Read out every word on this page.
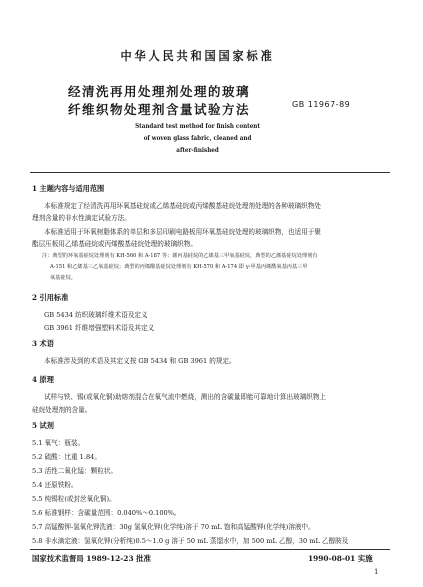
中华人民共和国国家标准
经清洗再用处理剂处理的玻璃
纤维织物处理剂含量试验方法	GB 11967-89
Standard test method for finish content
of woven glass fabric, cleaned and
after-finished
1 主题内容与适用范围
本标准规定了经清洗再用环氧基硅烷或乙烯基硅烷或丙烯酸基硅烷处理剂处理的各种玻璃织物处
理剂含量的非水性滴定试验方法。
本标准适用于环氧树脂体系的单层和多层印刷电路板用环氧基硅烷处理的玻璃织物，也适用于聚
酯层压板用乙烯基硅烷或丙烯酸基硅烷处理的玻璃织物。
注：典型的环氧基硅烷处理剂有 KH-560 和 A-187 等；烯丙基硅烷的乙烯基三甲氧基硅烷，典型的乙烯基硅烷处理剂有
A-151 和乙烯基三乙氧基硅烷；典型的丙烯酸基硅烷处理剂有 KH-570 和 A-174 即 γ-甲基丙烯酰氧基丙基三甲
氧基硅烷。
2 引用标准
GB 5434 纺织玻璃纤维术语及定义
GB 3961 纤维增强塑料术语及其定义
3 术语
本标准涉及到的术语及其定义按 GB 5434 和 GB 3961 的规定。
4 原理
试样与铁、锡(或氧化铜)助熔剂混合在氧气流中燃烧，测出的含碳量即能可靠地计算出玻璃织物上
硅烷处理剂的含量。
5 试剂
5.1 氧气：瓶装。
5.2 硫酸：比重 1.84。
5.3 活性二氧化锰：颗粒状。
5.4 还原铁粉。
5.5 纯锡粒(或封丝氧化铜)。
5.6 标准钢样：含碳量范围：0.040%～0.100%。
5.7 高锰酸钾-氢氧化钾洗液：30g 氢氧化钾(化学纯)溶于 70 mL 饱和高锰酸钾(化学纯)溶液中。
5.8 非水滴定液：氢氧化钾(分析纯)0.5～1.0 g 溶于 50 mL 蒸馏水中，加 500 mL 乙醇，30 mL 乙醇胺及
国家技术监督局 1989-12-23 批准	1990-08-01 实施
1
